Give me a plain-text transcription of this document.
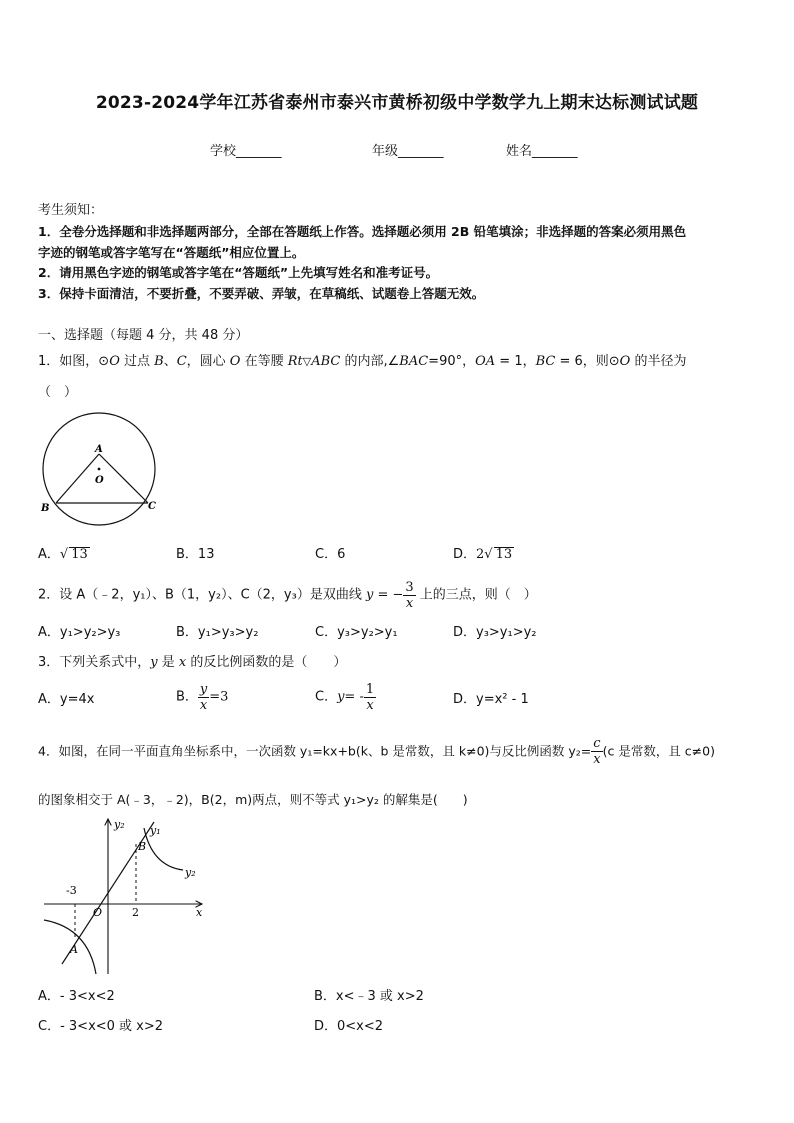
2023-2024学年江苏省泰州市泰兴市黄桥初级中学数学九上期末达标测试试题
学校_______	年级_______	姓名_______
考生须知：
1．全卷分选择题和非选择题两部分，全部在答题纸上作答。选择题必须用 2B 铅笔填涂；非选择题的答案必须用黑色
字迹的钢笔或答字笔写在“答题纸”相应位置上。
2．请用黑色字迹的钢笔或答字笔在“答题纸”上先填写姓名和准考证号。
3．保持卡面清洁，不要折叠，不要弄破、弄皱，在草稿纸、试题卷上答题无效。
一、选择题（每题 4 分，共 48 分）
1．如图，⊙O 过点 B、C，圆心 O 在等腰 Rt▽ABC 的内部,∠BAC=90°，OA = 1，BC = 6，则⊙O 的半径为
（　）
A
O
B	C
A．√ 13	B．13	C．6	D．2√ 13
2．设 A（﹣2，y₁）、B（1，y₂）、C（2，y₃）是双曲线 y = − $\frac{3}{x}$ 上的三点，则（　）
A．y₁>y₂>y₃	B．y₁>y₃>y₂	C．y₃>y₂>y₁	D．y₃>y₁>y₂
3．下列关系式中，y 是 x 的反比例函数的是（　　）
A．y=4x	B． $\frac{y}{x} =3$	C．$y= - \frac{1}{x}$	D．y=x² - 1
4．如图，在同一平面直角坐标系中，一次函数 y₁=kx+b(k、b 是常数，且 k≠0)与反比例函数 $y_2= \frac{c}{x} (c$ 是常数，且 c≠0)
的图象相交于 A(﹣3，﹣2)，B(2，m)两点，则不等式 y₁>y₂ 的解集是(　　)
y₂ y₁
B
y₂
-3
O	2	x
A
A．- 3<x<2	B．x<﹣3 或 x>2
C．- 3<x<0 或 x>2	D．0<x<2
